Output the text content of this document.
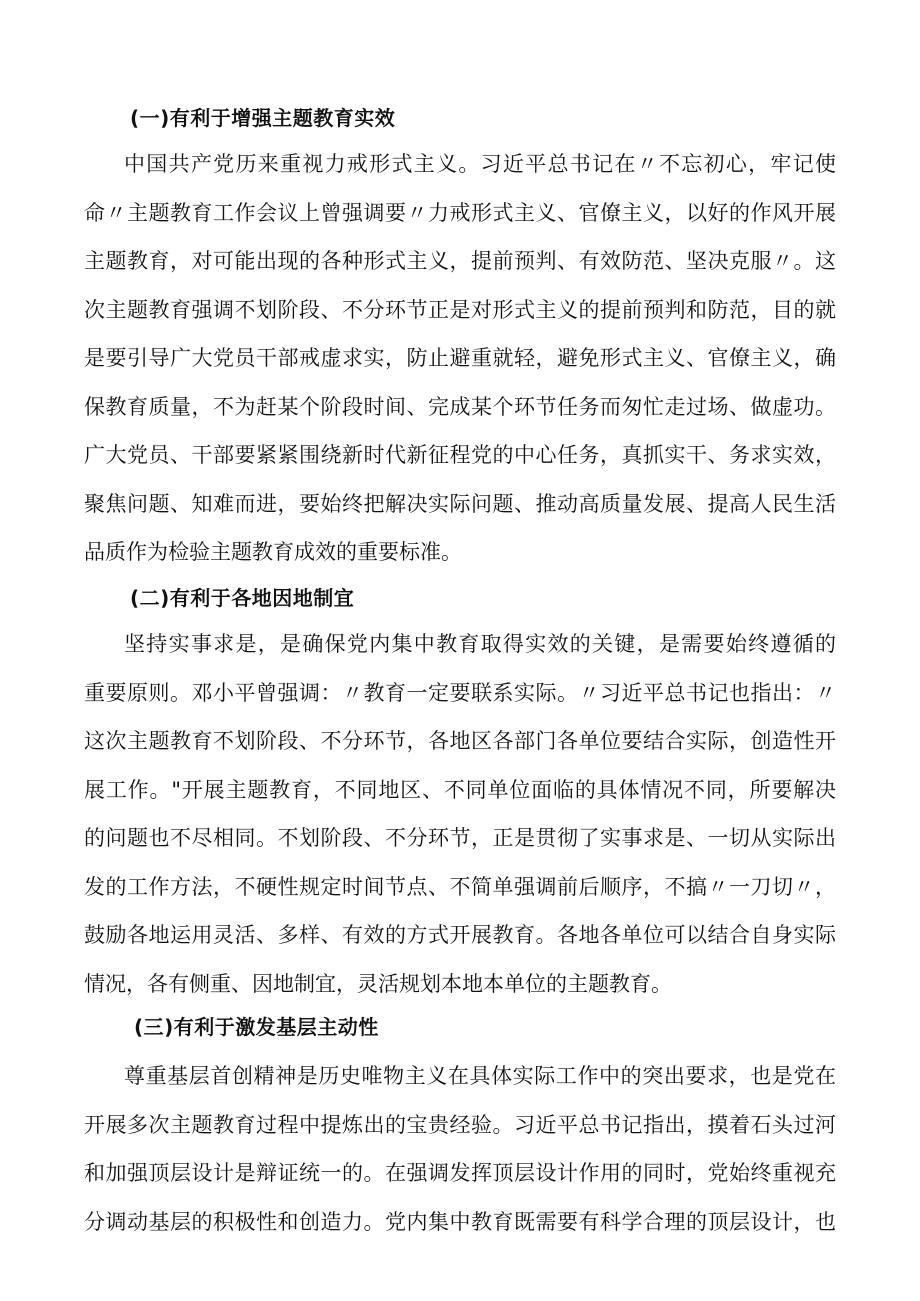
(一)有利于增强主题教育实效
中国共产党历来重视力戒形式主义。习近平总书记在〃不忘初心，牢记使
命〃主题教育工作会议上曾强调要〃力戒形式主义、官僚主义，以好的作风开展
主题教育，对可能出现的各种形式主义，提前预判、有效防范、坚决克服〃。这
次主题教育强调不划阶段、不分环节正是对形式主义的提前预判和防范，目的就
是要引导广大党员干部戒虚求实，防止避重就轻，避免形式主义、官僚主义，确
保教育质量，不为赶某个阶段时间、完成某个环节任务而匆忙走过场、做虚功。
广大党员、干部要紧紧围绕新时代新征程党的中心任务，真抓实干、务求实效，
聚焦问题、知难而进，要始终把解决实际问题、推动高质量发展、提高人民生活
品质作为检验主题教育成效的重要标准。
(二)有利于各地因地制宜
坚持实事求是，是确保党内集中教育取得实效的关键，是需要始终遵循的
重要原则。邓小平曾强调：〃教育一定要联系实际。〃习近平总书记也指出：〃
这次主题教育不划阶段、不分环节，各地区各部门各单位要结合实际，创造性开
展工作。"开展主题教育，不同地区、不同单位面临的具体情况不同，所要解决
的问题也不尽相同。不划阶段、不分环节，正是贯彻了实事求是、一切从实际出
发的工作方法，不硬性规定时间节点、不简单强调前后顺序，不搞〃一刀切〃，
鼓励各地运用灵活、多样、有效的方式开展教育。各地各单位可以结合自身实际
情况，各有侧重、因地制宜，灵活规划本地本单位的主题教育。
(三)有利于激发基层主动性
尊重基层首创精神是历史唯物主义在具体实际工作中的突出要求，也是党在
开展多次主题教育过程中提炼出的宝贵经验。习近平总书记指出，摸着石头过河
和加强顶层设计是辩证统一的。在强调发挥顶层设计作用的同时，党始终重视充
分调动基层的积极性和创造力。党内集中教育既需要有科学合理的顶层设计，也
